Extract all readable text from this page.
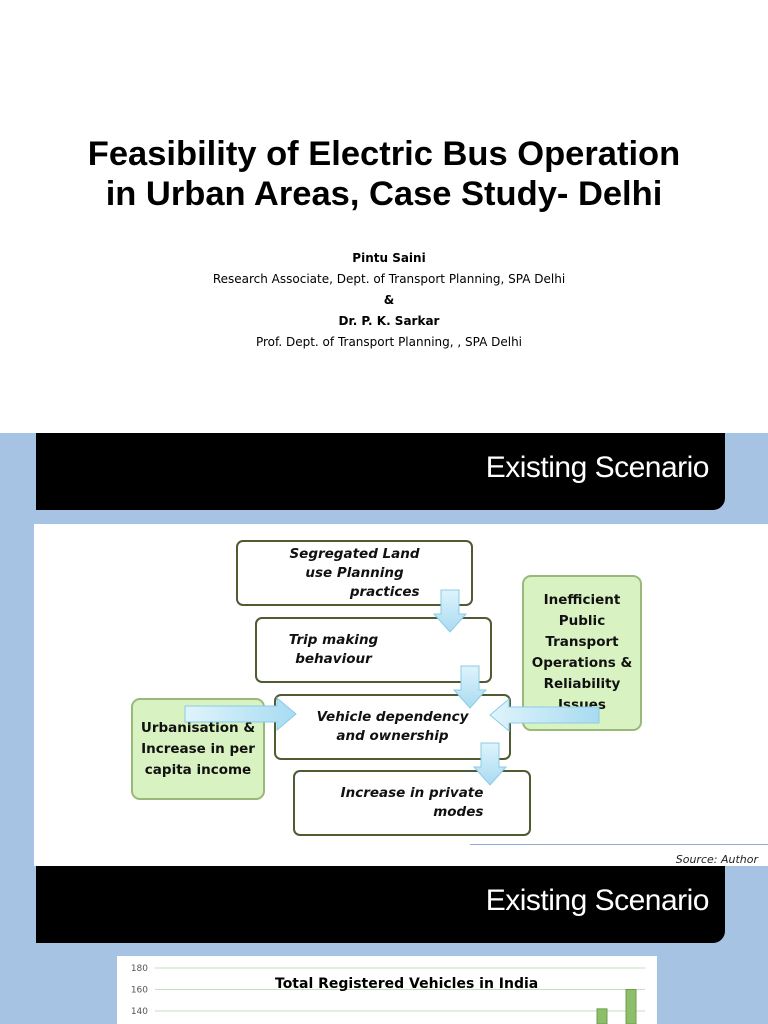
Feasibility of Electric Bus Operation
in Urban Areas, Case Study- Delhi
Pintu Saini
Research Associate, Dept. of Transport Planning, SPA Delhi
&
Dr. P. K. Sarkar
Prof. Dept. of Transport Planning, , SPA Delhi
Existing Scenario
Segregated Land
use Planning
practices
Trip making
behaviour
Vehicle dependency
and ownership
Increase in private
modes
Inefficient
Public
Transport
Operations &
Reliability
Issues
Urbanisation &
Increase in per
capita income
Source: Author
Existing Scenario
180
160
140
Total Registered Vehicles in India
